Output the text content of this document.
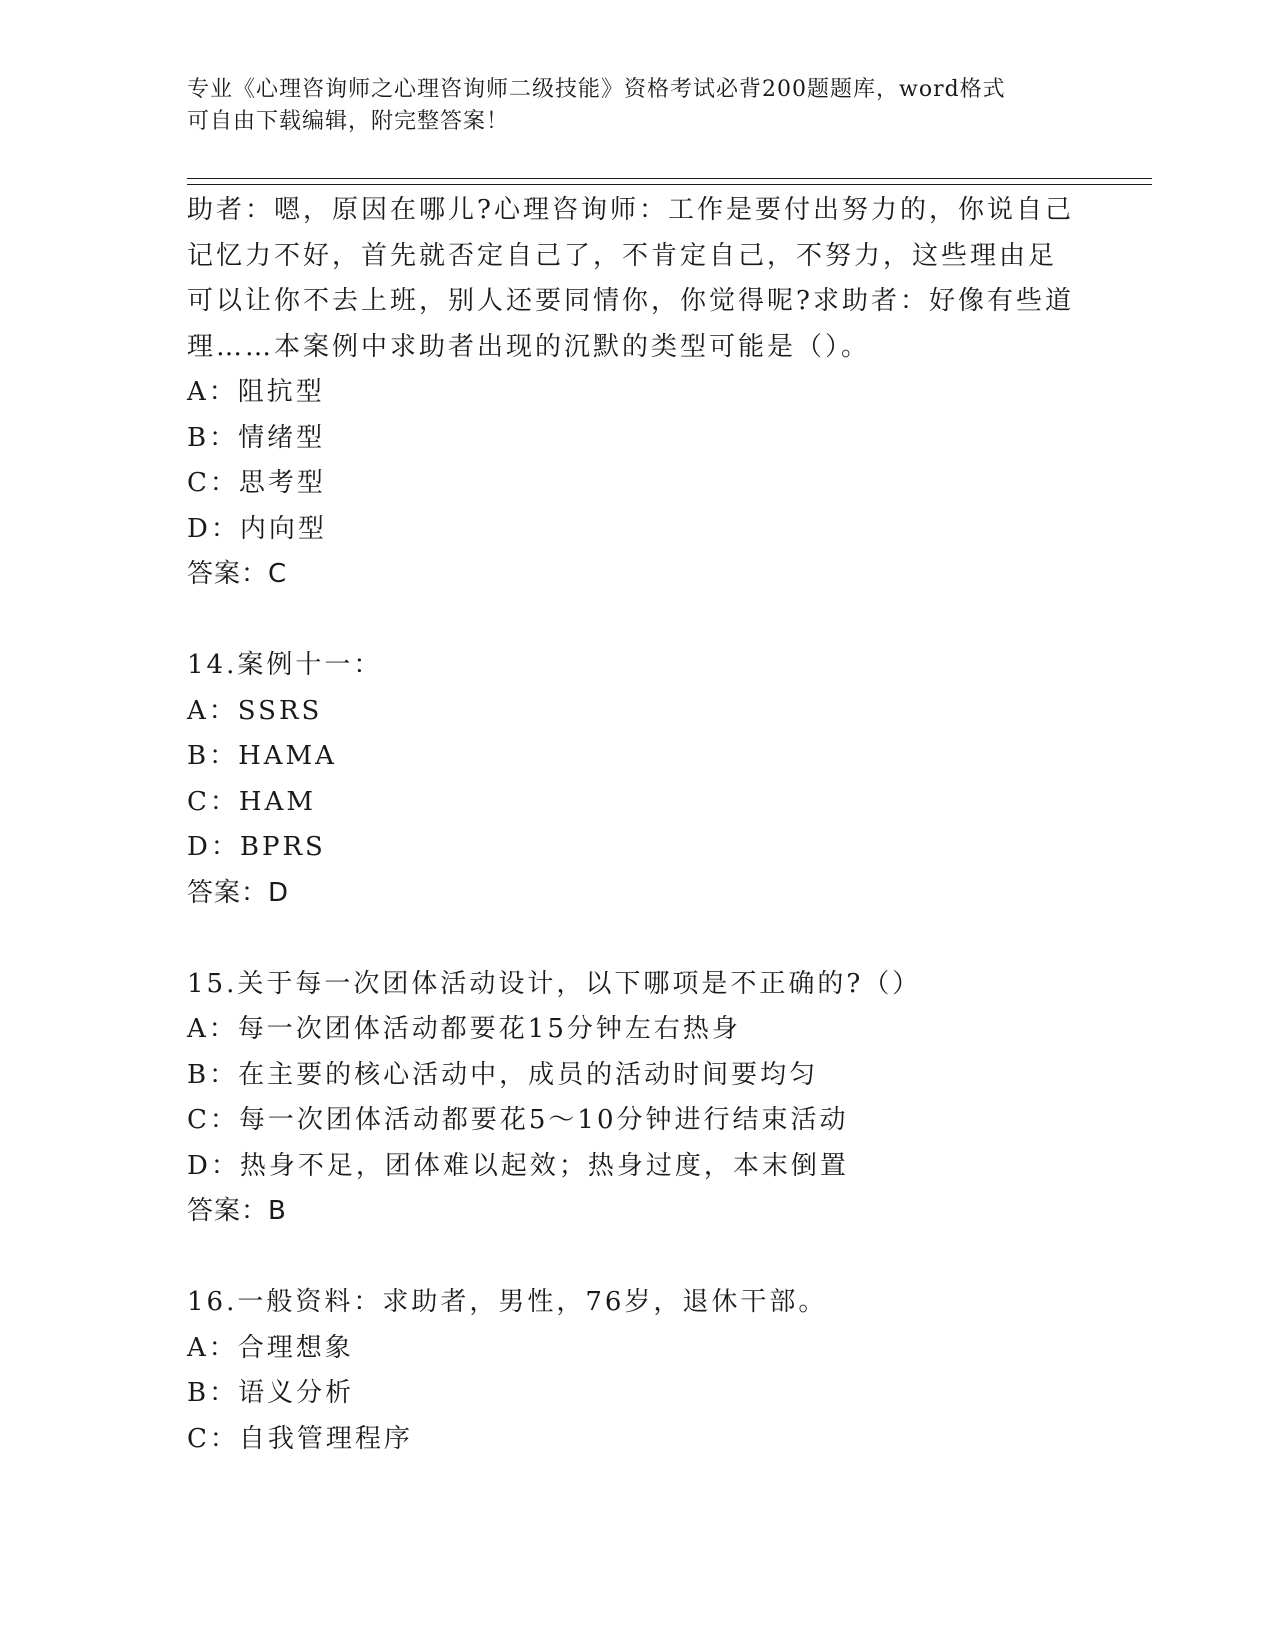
专业《心理咨询师之心理咨询师二级技能》资格考试必背200题题库，word格式
可自由下载编辑，附完整答案！
助者：嗯，原因在哪儿?心理咨询师：工作是要付出努力的，你说自己
记忆力不好，首先就否定自己了，不肯定自己，不努力，这些理由足
可以让你不去上班，别人还要同情你，你觉得呢?求助者：好像有些道
理……本案例中求助者出现的沉默的类型可能是（）。
A：阻抗型
B：情绪型
C：思考型
D：内向型
答案：C
14.案例十一：
A：SSRS
B：HAMA
C：HAM
D：BPRS
答案：D
15.关于每一次团体活动设计，以下哪项是不正确的?（）
A：每一次团体活动都要花15分钟左右热身
B：在主要的核心活动中，成员的活动时间要均匀
C：每一次团体活动都要花5～10分钟进行结束活动
D：热身不足，团体难以起效；热身过度，本末倒置
答案：B
16.一般资料：求助者，男性，76岁，退休干部。
A：合理想象
B：语义分析
C：自我管理程序
